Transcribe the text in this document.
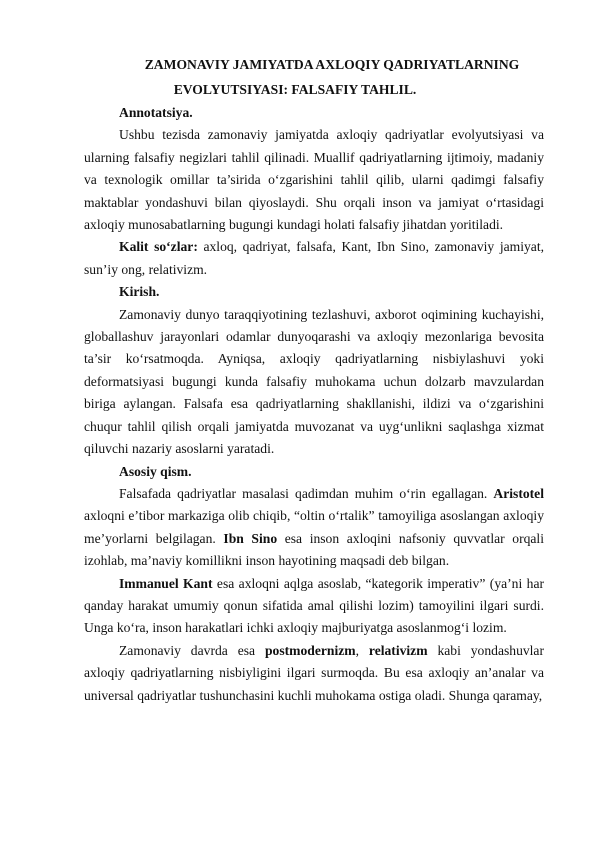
ZAMONAVIY JAMIYATDA AXLOQIY QADRIYATLARNING
EVOLYUTSIYASI: FALSAFIY TAHLIL.

Annotatsiya.

Ushbu tezisda zamonaviy jamiyatda axloqiy qadriyatlar evolyutsiyasi va ularning falsafiy negizlari tahlil qilinadi. Muallif qadriyatlarning ijtimoiy, madaniy va texnologik omillar ta’sirida o‘zgarishini tahlil qilib, ularni qadimgi falsafiy maktablar yondashuvi bilan qiyoslaydi. Shu orqali inson va jamiyat o‘rtasidagi axloqiy munosabatlarning bugungi kundagi holati falsafiy jihatdan yoritiladi.

Kalit so‘zlar: axloq, qadriyat, falsafa, Kant, Ibn Sino, zamonaviy jamiyat, sun’iy ong, relativizm.

Kirish.

Zamonaviy dunyo taraqqiyotining tezlashuvi, axborot oqimining kuchayishi, globallashuv jarayonlari odamlar dunyoqarashi va axloqiy mezonlariga bevosita ta’sir ko‘rsatmoqda. Ayniqsa, axloqiy qadriyatlarning nisbiylashuvi yoki deformatsiyasi bugungi kunda falsafiy muhokama uchun dolzarb mavzulardan biriga aylangan. Falsafa esa qadriyatlarning shakllanishi, ildizi va o‘zgarishini chuqur tahlil qilish orqali jamiyatda muvozanat va uyg‘unlikni saqlashga xizmat qiluvchi nazariy asoslarni yaratadi.

Asosiy qism.

Falsafada qadriyatlar masalasi qadimdan muhim o‘rin egallagan. Aristotel axloqni e’tibor markaziga olib chiqib, “oltin o‘rtalik” tamoyiliga asoslangan axloqiy me’yorlarni belgilagan. Ibn Sino esa inson axloqini nafsoniy quvvatlar orqali izohlab, ma’naviy komillikni inson hayotining maqsadi deb bilgan.

Immanuel Kant esa axloqni aqlga asoslab, “kategorik imperativ” (ya’ni har qanday harakat umumiy qonun sifatida amal qilishi lozim) tamoyilini ilgari surdi. Unga ko‘ra, inson harakatlari ichki axloqiy majburiyatga asoslanmog‘i lozim.

Zamonaviy davrda esa postmodernizm, relativizm kabi yondashuvlar axloqiy qadriyatlarning nisbiyligini ilgari surmoqda. Bu esa axloqiy an’analar va universal qadriyatlar tushunchasini kuchli muhokama ostiga oladi. Shunga qaramay,
